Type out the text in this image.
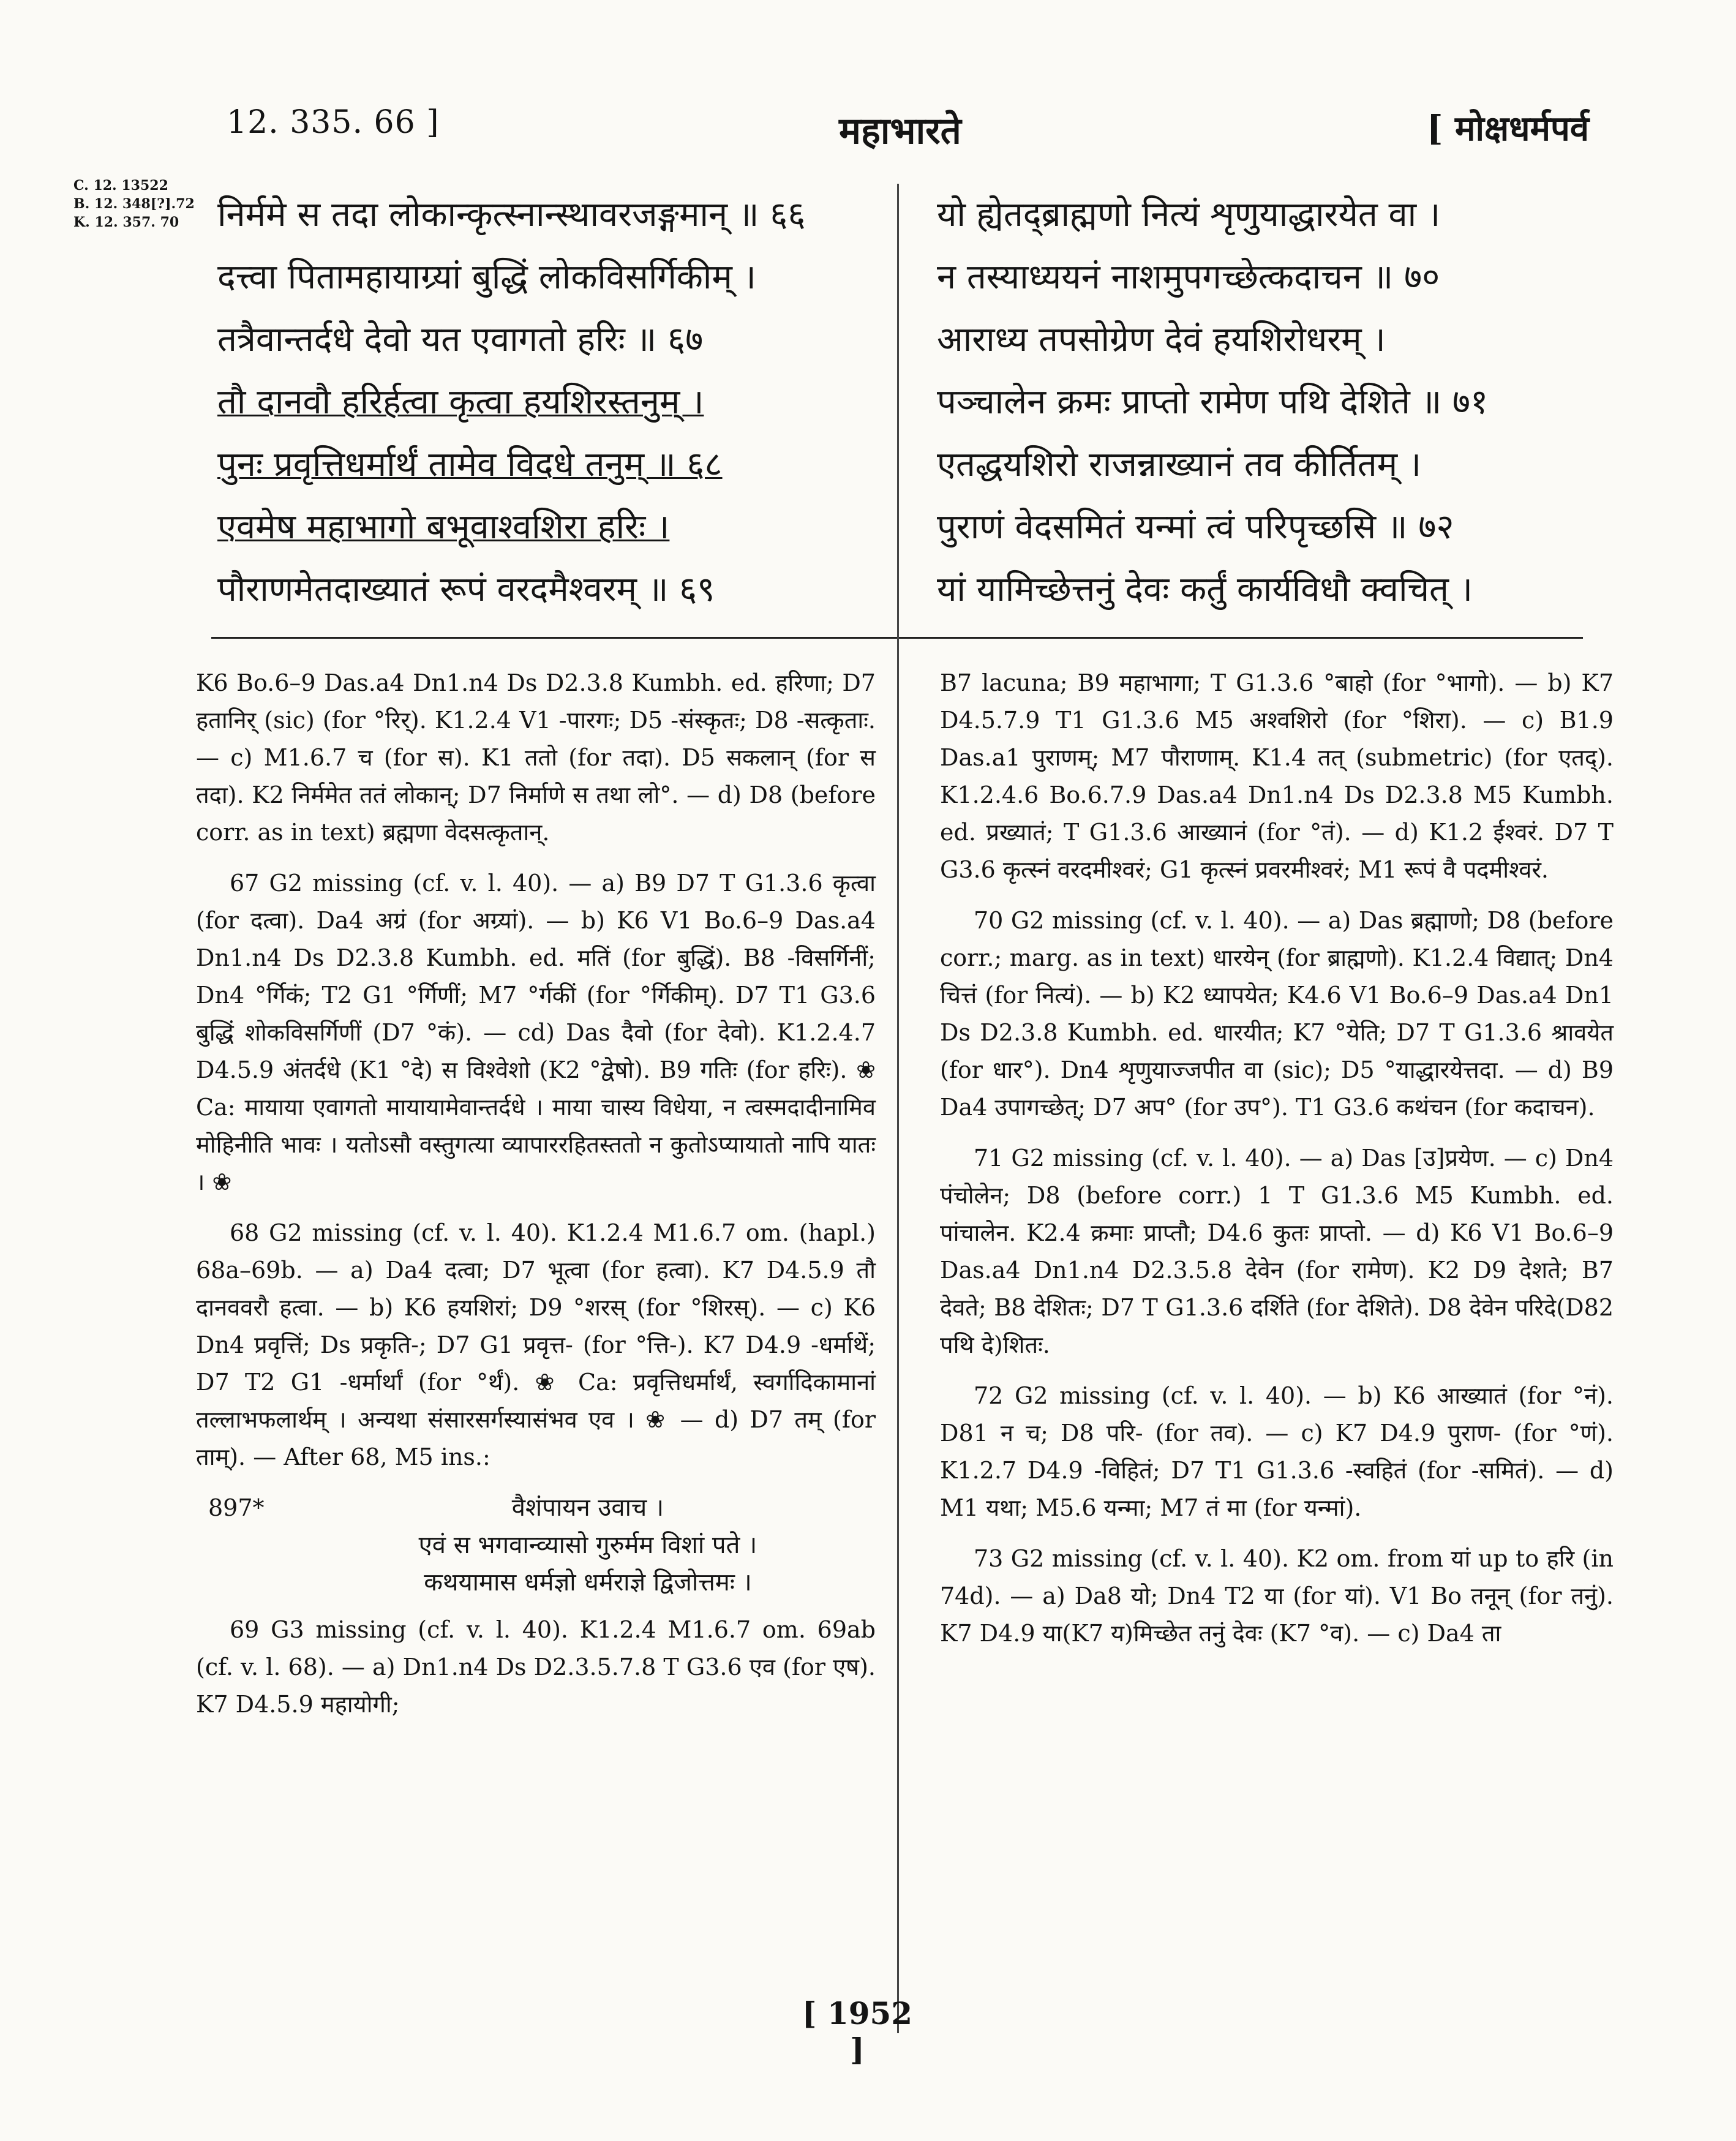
12. 335. 66 ]	महाभारते	[ मोक्षधर्मपर्व
C. 12. 13522
B. 12. 348[?].72
K. 12. 357. 70	निर्ममे स तदा लोकान्कृत्स्नान्स्थावरजङ्गमान् ॥ ६६
दत्त्वा पितामहायाग्र्यां बुद्धिं लोकविसर्गिकीम् ।
तत्रैवान्तर्दधे देवो यत एवागतो हरिः ॥ ६७
तौ दानवौ हरिर्हत्वा कृत्वा हयशिरस्तनुम् ।
पुनः प्रवृत्तिधर्मार्थं तामेव विदधे तनुम् ॥ ६८
एवमेष महाभागो बभूवाश्वशिरा हरिः ।
पौराणमेतदाख्यातं रूपं वरदमैश्वरम् ॥ ६९
यो ह्येतद्ब्राह्मणो नित्यं शृणुयाद्धारयेत वा ।
न तस्याध्ययनं नाशमुपगच्छेत्कदाचन ॥ ७०
आराध्य तपसोग्रेण देवं हयशिरोधरम् ।
पञ्चालेन क्रमः प्राप्तो रामेण पथि देशिते ॥ ७१
एतद्धयशिरो राजन्नाख्यानं तव कीर्तितम् ।
पुराणं वेदसमितं यन्मां त्वं परिपृच्छसि ॥ ७२
यां यामिच्छेत्तनुं देवः कर्तुं कार्यविधौ क्वचित् ।

K6 Bo.6–9 Das.a4 Dn1.n4 Ds D2.3.8 Kumbh. ed. हरिणा; D7 हतानिर् (sic) (for °रिर्). K1.2.4 V1 -पारगः; D5 -संस्कृतः; D8 -सत्कृताः. — c) M1.6.7 च (for स). K1 ततो (for तदा). D5 सकलान् (for स तदा). K2 निर्ममेत ततं लोकान्; D7 निर्माणे स तथा लो°. — d) D8 (before corr. as in text) ब्रह्मणा वेदसत्कृतान्.

67 G2 missing (cf. v. l. 40). — a) B9 D7 T G1.3.6 कृत्वा (for दत्वा). Da4 अग्रं (for अग्र्यां). — b) K6 V1 Bo.6–9 Das.a4 Dn1.n4 Ds D2.3.8 Kumbh. ed. मतिं (for बुद्धिं). B8 -विसर्गिनीं; Dn4 °र्गिकं; T2 G1 °र्गिणीं; M7 °र्गकीं (for °र्गिकीम्). D7 T1 G3.6 बुद्धिं शोकविसर्गिणीं (D7 °कं). — cd) Das दैवो (for देवो). K1.2.4.7 D4.5.9 अंतर्दधे (K1 °दे) स विश्वेशो (K2 °द्वेषो). B9 गतिः (for हरिः). ❀ Ca: मायाया एवागतो मायायामेवान्तर्दधे । माया चास्य विधेया, न त्वस्मदादीनामिव मोहिनीति भावः । यतोऽसौ वस्तुगत्या व्यापाररहितस्ततो न कुतोऽप्यायातो नापि यातः । ❀

68 G2 missing (cf. v. l. 40). K1.2.4 M1.6.7 om. (hapl.) 68a–69b. — a) Da4 दत्वा; D7 भूत्वा (for हत्वा). K7 D4.5.9 तौ दानववरौ हत्वा. — b) K6 हयशिरां; D9 °शरस् (for °शिरस्). — c) K6 Dn4 प्रवृत्तिं; Ds प्रकृति-; D7 G1 प्रवृत्त- (for °त्ति-). K7 D4.9 -धर्माथें; D7 T2 G1 -धर्मार्थां (for °र्थं). ❀ Ca: प्रवृत्तिधर्मार्थं, स्वर्गादिकामानां तल्लाभफलार्थम् । अन्यथा संसारसर्गस्यासंभव एव । ❀ — d) D7 तम् (for ताम्). — After 68, M5 ins.:

897*	वैशंपायन उवाच ।
एवं स भगवान्व्यासो गुरुर्मम विशां पते ।
कथयामास धर्मज्ञो धर्मराज्ञे द्विजोत्तमः ।

69 G3 missing (cf. v. l. 40). K1.2.4 M1.6.7 om. 69ab (cf. v. l. 68). — a) Dn1.n4 Ds D2.3.5.7.8 T G3.6 एव (for एष). K7 D4.5.9 महायोगी;

B7 lacuna; B9 महाभागा; T G1.3.6 °बाहो (for °भागो). — b) K7 D4.5.7.9 T1 G1.3.6 M5 अश्वशिरो (for °शिरा). — c) B1.9 Das.a1 पुराणम्; M7 पौराणाम्. K1.4 तत् (submetric) (for एतद्). K1.2.4.6 Bo.6.7.9 Das.a4 Dn1.n4 Ds D2.3.8 M5 Kumbh. ed. प्रख्यातं; T G1.3.6 आख्यानं (for °तं). — d) K1.2 ईश्वरं. D7 T G3.6 कृत्स्नं वरदमीश्वरं; G1 कृत्स्नं प्रवरमीश्वरं; M1 रूपं वै पदमीश्वरं.

70 G2 missing (cf. v. l. 40). — a) Das ब्रह्माणो; D8 (before corr.; marg. as in text) धारयेन् (for ब्राह्मणो). K1.2.4 विद्यात्; Dn4 चित्तं (for नित्यं). — b) K2 ध्यापयेत; K4.6 V1 Bo.6–9 Das.a4 Dn1 Ds D2.3.8 Kumbh. ed. धारयीत; K7 °येति; D7 T G1.3.6 श्रावयेत (for धार°). Dn4 शृणुयाज्जपीत वा (sic); D5 °याद्धारयेत्तदा. — d) B9 Da4 उपागच्छेत्; D7 अप° (for उप°). T1 G3.6 कथंचन (for कदाचन).

71 G2 missing (cf. v. l. 40). — a) Das [उ]प्रयेण. — c) Dn4 पंचोलेन; D8 (before corr.) 1 T G1.3.6 M5 Kumbh. ed. पांचालेन. K2.4 क्रमाः प्राप्तौ; D4.6 कुतः प्राप्तो. — d) K6 V1 Bo.6–9 Das.a4 Dn1.n4 D2.3.5.8 देवेन (for रामेण). K2 D9 देशते; B7 देवते; B8 देशितः; D7 T G1.3.6 दर्शिते (for देशिते). D8 देवेन परिदे(D82 पथि दे)शितः.

72 G2 missing (cf. v. l. 40). — b) K6 आख्यातं (for °नं). D81 न च; D8 परि- (for तव). — c) K7 D4.9 पुराण- (for °णं). K1.2.7 D4.9 -विहितं; D7 T1 G1.3.6 -स्वहितं (for -समितं). — d) M1 यथा; M5.6 यन्मा; M7 तं मा (for यन्मां).

73 G2 missing (cf. v. l. 40). K2 om. from यां up to हरि (in 74d). — a) Da8 यो; Dn4 T2 या (for यां). V1 Bo तनून् (for तनुं). K7 D4.9 या(K7 य)मिच्छेत तनुं देवः (K7 °व). — c) Da4 ता

[ 1952 ]
